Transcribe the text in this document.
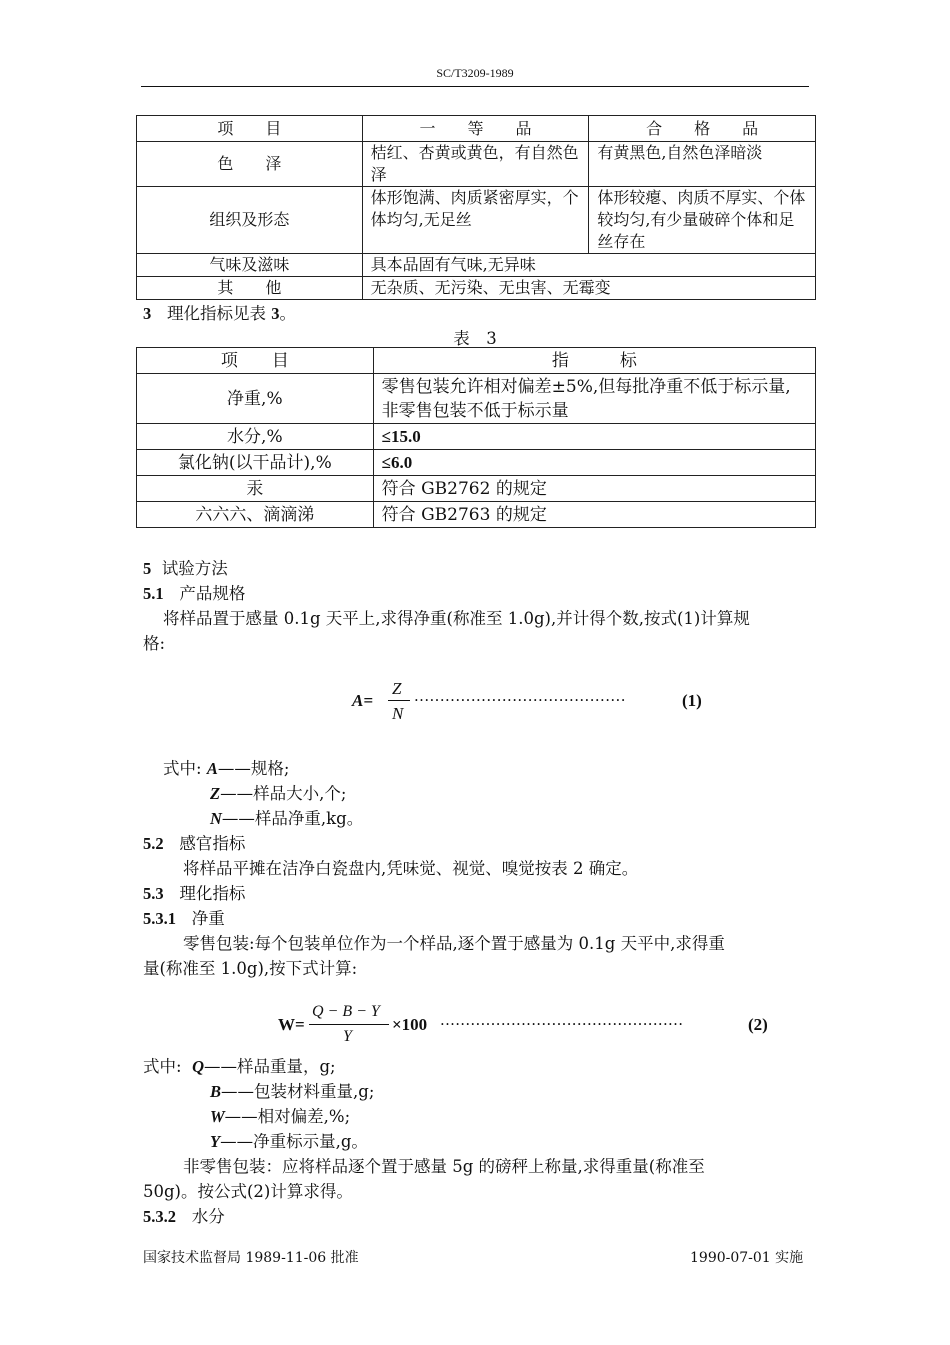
SC/T3209-1989
项　　目	一　　等　　品	合　　格　　品
色　　泽	桔红、杏黄或黄色，有自然色泽	有黄黑色,自然色泽暗淡
组织及形态	体形饱满、肉质紧密厚实，个体均匀,无足丝	体形较瘪、肉质不厚实、个体较均匀,有少量破碎个体和足丝存在
气味及滋味	具本品固有气味,无异味	
其　　他	无杂质、无污染、无虫害、无霉变	
3 理化指标见表 3。
表　3
项　　目	指　　　标
净重,%	零售包装允许相对偏差±5%,但每批净重不低于标示量,非零售包装不低于标示量
水分,%	≤15.0
氯化钠(以干品计),%	≤6.0
汞	符合 GB2762 的规定
六六六、滴滴涕	符合 GB2763 的规定
5 试验方法
5.1 产品规格
将样品置于感量 0.1g 天平上,求得净重(称准至 1.0g),并计得个数,按式(1)计算规
格:
A=
Z
N
·········································	(1)
式中: A——规格;
Z——样品大小,个;
N——样品净重,kg。
5.2 感官指标
将样品平摊在洁净白瓷盘内,凭味觉、视觉、嗅觉按表 2 确定。
5.3 理化指标
5.3.1 净重
零售包装:每个包装单位作为一个样品,逐个置于感量为 0.1g 天平中,求得重
量(称准至 1.0g),按下式计算:
W=
Q − B − Y
Y
×100 ················································	(2)
式中: Q——样品重量，g;
B——包装材料重量,g;
W——相对偏差,%;
Y——净重标示量,g。
非零售包装：应将样品逐个置于感量 5g 的磅秤上称量,求得重量(称准至
50g)。按公式(2)计算求得。
5.3.2 水分
国家技术监督局 1989-11-06 批准	1990-07-01 实施
